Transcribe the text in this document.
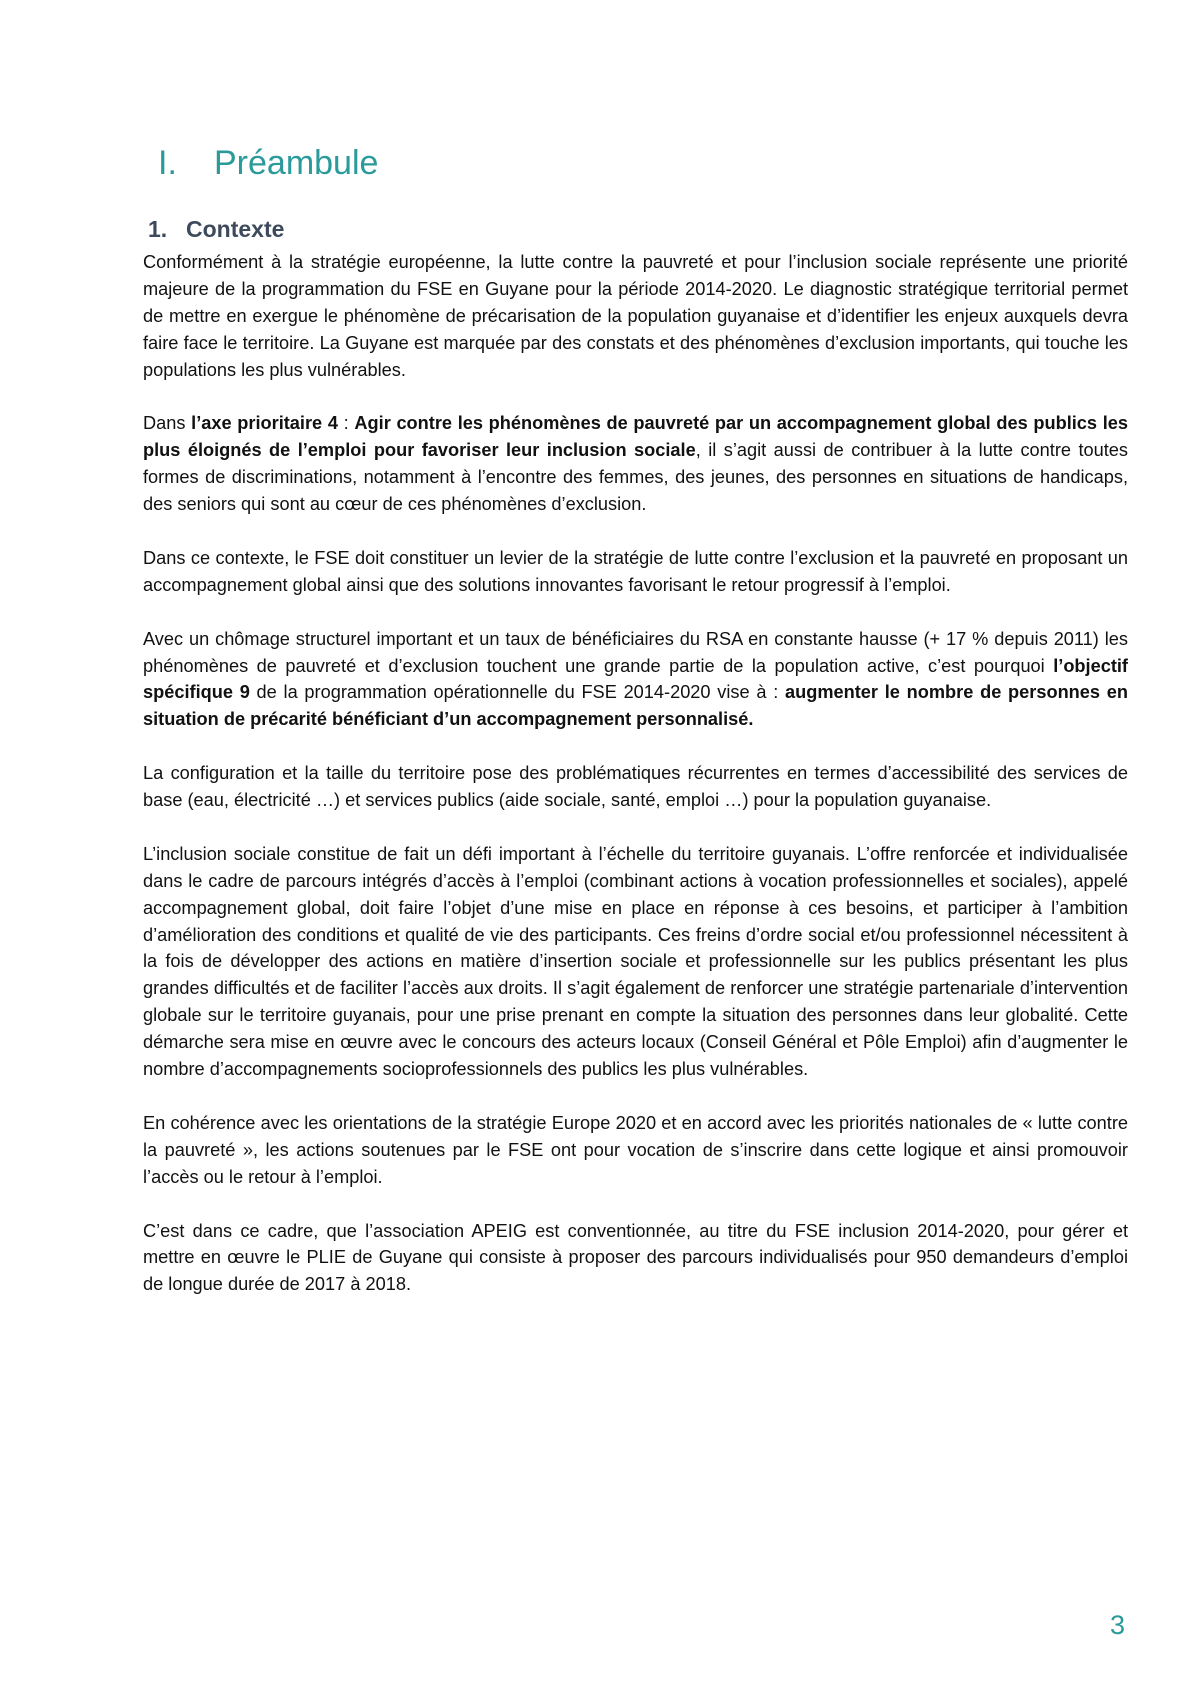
I. Préambule
1. Contexte

Conformément à la stratégie européenne, la lutte contre la pauvreté et pour l’inclusion sociale représente une priorité majeure de la programmation du FSE en Guyane pour la période 2014-2020. Le diagnostic stratégique territorial permet de mettre en exergue le phénomène de précarisation de la population guyanaise et d’identifier les enjeux auxquels devra faire face le territoire. La Guyane est marquée par des constats et des phénomènes d’exclusion importants, qui touche les populations les plus vulnérables.

Dans l’axe prioritaire 4 : Agir contre les phénomènes de pauvreté par un accompagnement global des publics les plus éloignés de l’emploi pour favoriser leur inclusion sociale, il s’agit aussi de contribuer à la lutte contre toutes formes de discriminations, notamment à l’encontre des femmes, des jeunes, des personnes en situations de handicaps, des seniors qui sont au cœur de ces phénomènes d’exclusion.

Dans ce contexte, le FSE doit constituer un levier de la stratégie de lutte contre l’exclusion et la pauvreté en proposant un accompagnement global ainsi que des solutions innovantes favorisant le retour progressif à l’emploi.

Avec un chômage structurel important et un taux de bénéficiaires du RSA en constante hausse (+ 17 % depuis 2011) les phénomènes de pauvreté et d’exclusion touchent une grande partie de la population active, c’est pourquoi l’objectif spécifique 9 de la programmation opérationnelle du FSE 2014-2020 vise à : augmenter le nombre de personnes en situation de précarité bénéficiant d’un accompagnement personnalisé.

La configuration et la taille du territoire pose des problématiques récurrentes en termes d’accessibilité des services de base (eau, électricité …) et services publics (aide sociale, santé, emploi …) pour la population guyanaise.

L’inclusion sociale constitue de fait un défi important à l’échelle du territoire guyanais. L’offre renforcée et individualisée dans le cadre de parcours intégrés d’accès à l’emploi (combinant actions à vocation professionnelles et sociales), appelé accompagnement global, doit faire l’objet d’une mise en place en réponse à ces besoins, et participer à l’ambition d’amélioration des conditions et qualité de vie des participants. Ces freins d’ordre social et/ou professionnel nécessitent à la fois de développer des actions en matière d’insertion sociale et professionnelle sur les publics présentant les plus grandes difficultés et de faciliter l’accès aux droits. Il s’agit également de renforcer une stratégie partenariale d’intervention globale sur le territoire guyanais, pour une prise prenant en compte la situation des personnes dans leur globalité. Cette démarche sera mise en œuvre avec le concours des acteurs locaux (Conseil Général et Pôle Emploi) afin d’augmenter le nombre d’accompagnements socioprofessionnels des publics les plus vulnérables.

En cohérence avec les orientations de la stratégie Europe 2020 et en accord avec les priorités nationales de « lutte contre la pauvreté », les actions soutenues par le FSE ont pour vocation de s’inscrire dans cette logique et ainsi promouvoir l’accès ou le retour à l’emploi.

C’est dans ce cadre, que l’association APEIG est conventionnée, au titre du FSE inclusion 2014-2020, pour gérer et mettre en œuvre le PLIE de Guyane qui consiste à proposer des parcours individualisés pour 950 demandeurs d’emploi de longue durée de 2017 à 2018.

3
